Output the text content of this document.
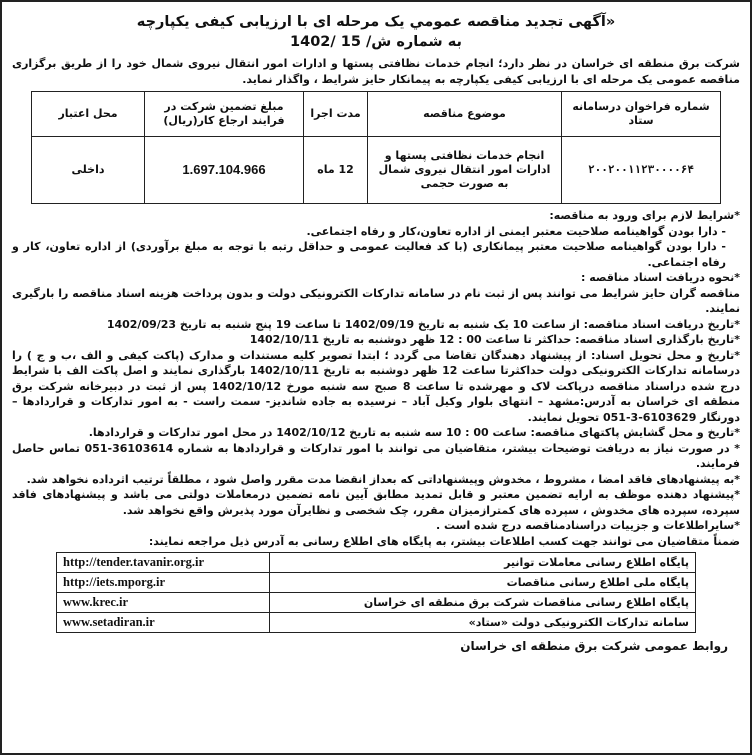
«آگهی تجدید مناقصه عمومي یک مرحله ای با ارزیابی کیفی یکپارچه
به شماره ش/ 15 /1402

شرکت برق منطقه ای خراسان در نظر دارد؛ انجام خدمات نظافتی پستها و ادارات امور انتقال نیروی شمال خود را از طریق برگزاری مناقصه عمومی یک مرحله ای با ارزیابی کیفی یکپارچه به پیمانکار حایز شرایط ، واگذار نماید.

شماره فراخوان درسامانه ستاد	موضوع مناقصه	مدت اجرا	مبلغ تضمین شرکت در فرایند ارجاع کار(ریال)	محل اعتبار
۲۰۰۲۰۰۱۱۲۳۰۰۰۰۶۴	انجام خدمات نظافتی پستها و ادارات امور انتقال نیروی شمال به صورت حجمی	12 ماه	1.697.104.966	داخلی

*شرایط لازم برای ورود به مناقصه:

- دارا بودن گواهینامه صلاحیت معتبر ایمنی از اداره تعاون،کار و رفاه اجتماعی.

- دارا بودن گواهینامه صلاحیت معتبر پیمانکاری (با کد فعالیت عمومی و حداقل رتبه با توجه به مبلغ برآوردی) از اداره تعاون، کار و رفاه اجتماعی.

*نحوه دریافت اسناد مناقصه :

مناقصه گران حایز شرایط می توانند پس از ثبت نام در سامانه تدارکات الکترونیکی دولت و بدون پرداخت هزینه اسناد مناقصه را بارگیری نمایند.

*تاریخ دریافت اسناد مناقصه: از ساعت 10 یک شنبه به تاریخ 1402/09/19 تا ساعت 19 پنج شنبه به تاریخ 1402/09/23

*تاریخ بارگذاری اسناد مناقصه: حداکثر تا ساعت 00 : 12 ظهر دوشنبه به تاریخ 1402/10/11

*تاریخ و محل تحویل اسناد: از پیشنهاد دهندگان تقاضا می گردد ؛ ابتدا تصویر کلیه مستندات و مدارک (پاکت کیفی و الف ،ب و ج ) را درسامانه تدارکات الکترونیکی دولت حداکثرتا ساعت 12 ظهر دوشنبه به تاریخ 1402/10/11 بارگذاری نمایند و اصل پاکت الف با شرایط درج شده دراسناد مناقصه درپاکت لاک و مهرشده تا ساعت 8 صبح سه شنبه مورخ 1402/10/12 پس از ثبت در دبیرخانه شرکت برق منطقه ای خراسان به آدرس:مشهد – انتهای بلوار وکیل آباد – نرسیده به جاده شاندیز- سمت راست - به امور تدارکات و قراردادها – دورنگار 6103629-3-051 تحویل نمایند.

*تاریخ و محل گشایش پاکتهای مناقصه: ساعت 00 : 10 سه شنبه به تاریخ 1402/10/12 در محل امور تدارکات و قراردادها.

* در صورت نیاز به دریافت توضیحات بیشتر، متقاضیان می توانند با امور تدارکات و قراردادها به شماره 36103614-051 تماس حاصل فرمایند.

*به پیشنهادهای فاقد امضا ، مشروط ، مخدوش وپیشنهاداتی که بعداز انقضا مدت مقرر واصل شود ، مطلقاً ترتیب اثرداده نخواهد شد.

*پیشنهاد دهنده موظف به ارایه تضمین معتبر و قابل تمدید مطابق آیین نامه تضمین درمعاملات دولتی می باشد و پیشنهادهای فاقد سپرده، سپرده های مخدوش ، سپرده های کمترازمیزان مقرر، چک شخصی و نظایرآن مورد پذیرش واقع نخواهد شد.

*سایراطلاعات و جزییات دراسنادمناقصه درج شده است .

ضمناً متقاضیان می توانند جهت کسب اطلاعات بیشتر، به پایگاه های اطلاع رسانی به آدرس ذیل مراجعه نمایند:

پایگاه اطلاع رسانی معاملات توانیر	http://tender.tavanir.org.ir
پایگاه ملی اطلاع رسانی مناقصات	http://iets.mporg.ir
پایگاه اطلاع رسانی مناقصات شرکت برق منطقه ای خراسان	www.krec.ir
سامانه تدارکات الکترونیکی دولت «ستاد»	www.setadiran.ir
روابط عمومی شرکت برق منطقه ای خراسان
